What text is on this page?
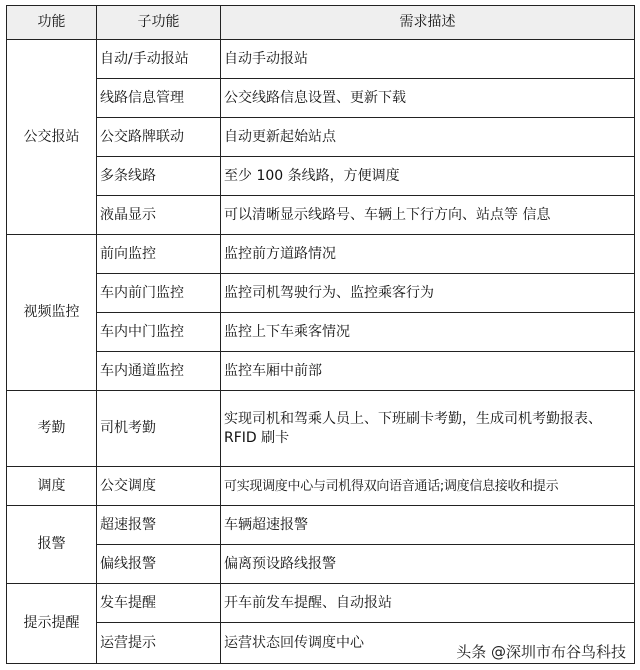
功能	子功能	需求描述
公交报站	自动/手动报站	自动手动报站
	线路信息管理	公交线路信息设置、更新下载
	公交路牌联动	自动更新起始站点
	多条线路	至少 100 条线路，方便调度
	液晶显示	可以清晰显示线路号、车辆上下行方向、站点等 信息
视频监控	前向监控	监控前方道路情况
	车内前门监控	监控司机驾驶行为、监控乘客行为
	车内中门监控	监控上下车乘客情况
	车内通道监控	监控车厢中前部
考勤	司机考勤	实现司机和驾乘人员上、下班刷卡考勤，生成司机考勤报表、RFID 刷卡
调度	公交调度	可实现调度中心与司机得双向语音通话;调度信息接收和提示
报警	超速报警	车辆超速报警
	偏线报警	偏离预设路线报警
提示提醒	发车提醒	开车前发车提醒、自动报站
	运营提示	运营状态回传调度中心
头条 @深圳市布谷鸟科技
